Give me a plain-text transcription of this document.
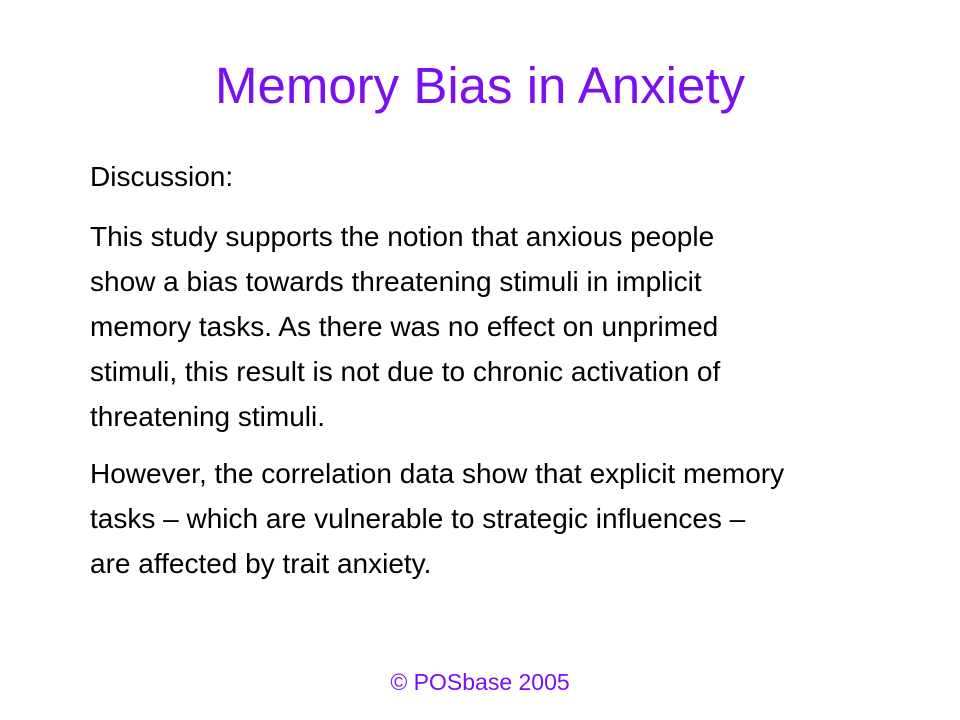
Memory Bias in Anxiety

Discussion:

This study supports the notion that anxious people
show a bias towards threatening stimuli in implicit
memory tasks. As there was no effect on unprimed
stimuli, this result is not due to chronic activation of
threatening stimuli.

However, the correlation data show that explicit memory
tasks – which are vulnerable to strategic influences –
are affected by trait anxiety.

© POSbase 2005
